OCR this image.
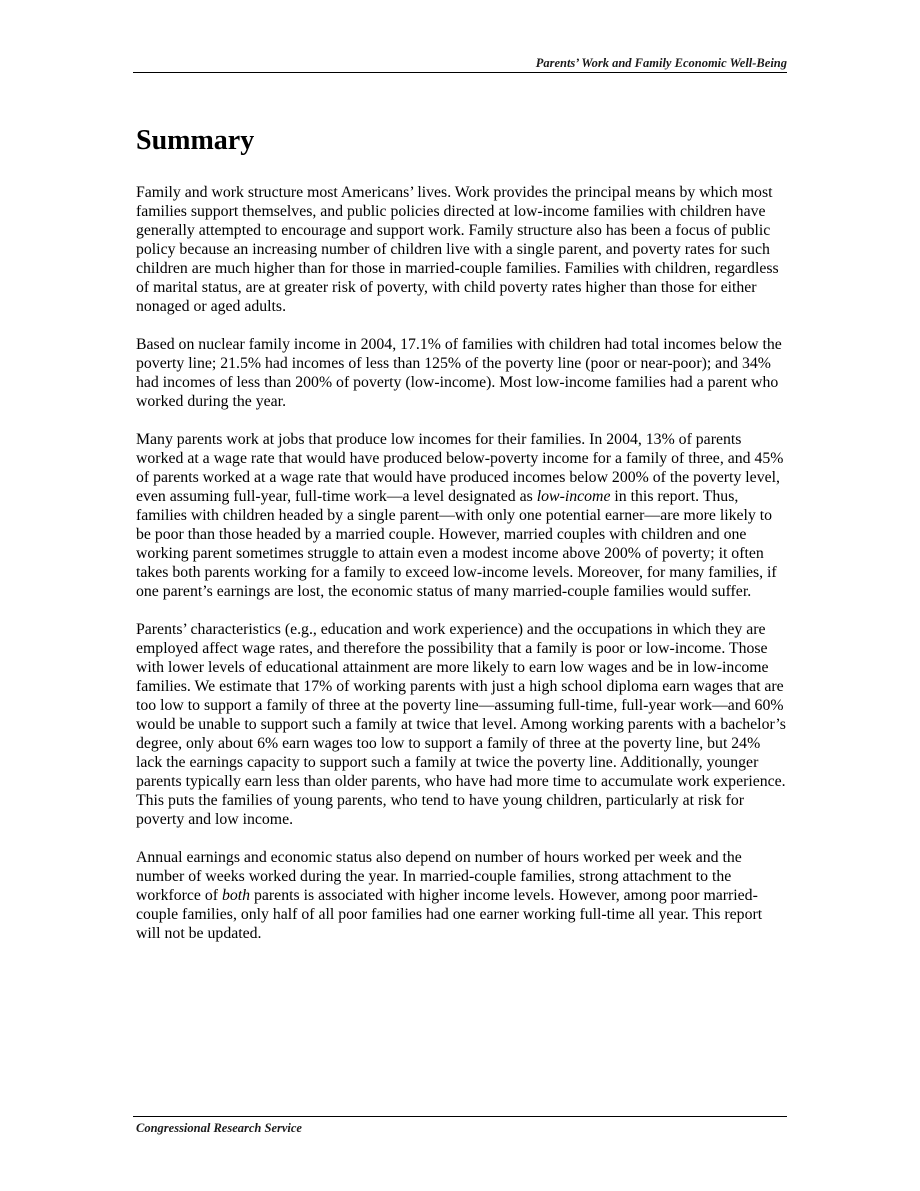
Parents’ Work and Family Economic Well-Being
Summary

Family and work structure most Americans’ lives. Work provides the principal means by which most families support themselves, and public policies directed at low-income families with children have generally attempted to encourage and support work. Family structure also has been a focus of public policy because an increasing number of children live with a single parent, and poverty rates for such children are much higher than for those in married-couple families. Families with children, regardless of marital status, are at greater risk of poverty, with child poverty rates higher than those for either nonaged or aged adults.

Based on nuclear family income in 2004, 17.1% of families with children had total incomes below the poverty line; 21.5% had incomes of less than 125% of the poverty line (poor or near-poor); and 34% had incomes of less than 200% of poverty (low-income). Most low-income families had a parent who worked during the year.

Many parents work at jobs that produce low incomes for their families. In 2004, 13% of parents worked at a wage rate that would have produced below-poverty income for a family of three, and 45% of parents worked at a wage rate that would have produced incomes below 200% of the poverty level, even assuming full-year, full-time work—a level designated as low-income in this report. Thus, families with children headed by a single parent—with only one potential earner—are more likely to be poor than those headed by a married couple. However, married couples with children and one working parent sometimes struggle to attain even a modest income above 200% of poverty; it often takes both parents working for a family to exceed low-income levels. Moreover, for many families, if one parent’s earnings are lost, the economic status of many married-couple families would suffer.

Parents’ characteristics (e.g., education and work experience) and the occupations in which they are employed affect wage rates, and therefore the possibility that a family is poor or low-income. Those with lower levels of educational attainment are more likely to earn low wages and be in low-income families. We estimate that 17% of working parents with just a high school diploma earn wages that are too low to support a family of three at the poverty line—assuming full-time, full-year work—and 60% would be unable to support such a family at twice that level. Among working parents with a bachelor’s degree, only about 6% earn wages too low to support a family of three at the poverty line, but 24% lack the earnings capacity to support such a family at twice the poverty line. Additionally, younger parents typically earn less than older parents, who have had more time to accumulate work experience. This puts the families of young parents, who tend to have young children, particularly at risk for poverty and low income.

Annual earnings and economic status also depend on number of hours worked per week and the number of weeks worked during the year. In married-couple families, strong attachment to the workforce of both parents is associated with higher income levels. However, among poor married-couple families, only half of all poor families had one earner working full-time all year. This report will not be updated.

Congressional Research Service
